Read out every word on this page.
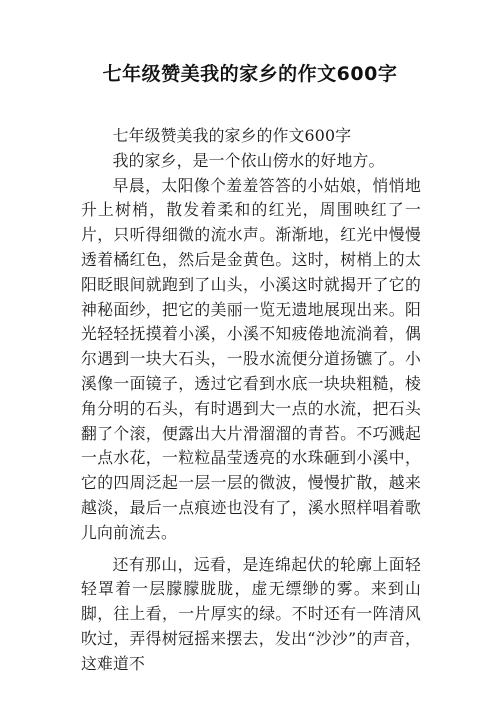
七年级赞美我的家乡的作文600字

七年级赞美我的家乡的作文600字

我的家乡，是一个依山傍水的好地方。

早晨，太阳像个羞羞答答的小姑娘，悄悄地升上树梢，散发着柔和的红光，周围映红了一片，只听得细微的流水声。渐渐地，红光中慢慢透着橘红色，然后是金黄色。这时，树梢上的太阳眨眼间就跑到了山头，小溪这时就揭开了它的神秘面纱，把它的美丽一览无遗地展现出来。阳光轻轻抚摸着小溪，小溪不知疲倦地流淌着，偶尔遇到一块大石头，一股水流便分道扬镳了。小溪像一面镜子，透过它看到水底一块块粗糙，棱角分明的石头，有时遇到大一点的水流，把石头翻了个滚，便露出大片滑溜溜的青苔。不巧溅起一点水花，一粒粒晶莹透亮的水珠砸到小溪中，它的四周泛起一层一层的微波，慢慢扩散，越来越淡，最后一点痕迹也没有了，溪水照样唱着歌儿向前流去。

还有那山，远看，是连绵起伏的轮廓上面轻轻罩着一层朦朦胧胧，虚无缥缈的雾。来到山脚，往上看，一片厚实的绿。不时还有一阵清风吹过，弄得树冠摇来摆去，发出“沙沙”的声音，这难道不
